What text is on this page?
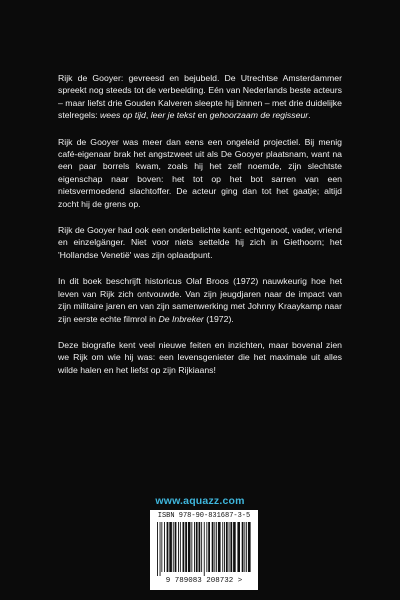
Rijk de Gooyer: gevreesd en bejubeld. De Utrechtse Amsterdammer spreekt nog steeds tot de verbeelding. Eén van Nederlands beste acteurs – maar liefst drie Gouden Kalveren sleepte hij binnen – met drie duidelijke stelregels: wees op tijd, leer je tekst en gehoorzaam de regisseur.

Rijk de Gooyer was meer dan eens een ongeleid projectiel. Bij menig café-eigenaar brak het angstzweet uit als De Gooyer plaatsnam, want na een paar borrels kwam, zoals hij het zelf noemde, zijn slechtste eigenschap naar boven: het tot op het bot sarren van een nietsvermoedend slachtoffer. De acteur ging dan tot het gaatje; altijd zocht hij de grens op.

Rijk de Gooyer had ook een onderbelichte kant: echtgenoot, vader, vriend en einzelgänger. Niet voor niets settelde hij zich in Giethoorn; het 'Hollandse Venetië' was zijn oplaadpunt.

In dit boek beschrijft historicus Olaf Broos (1972) nauwkeurig hoe het leven van Rijk zich ontvouwde. Van zijn jeugdjaren naar de impact van zijn militaire jaren en van zijn samenwerking met Johnny Kraaykamp naar zijn eerste echte filmrol in De Inbreker (1972).

Deze biografie kent veel nieuwe feiten en inzichten, maar bovenal zien we Rijk om wie hij was: een levensgenieter die het maximale uit alles wilde halen en het liefst op zijn Rijkiaans!

www.aquazz.com
ISBN 978-90-831687-3-5
9 789083 208732 >
